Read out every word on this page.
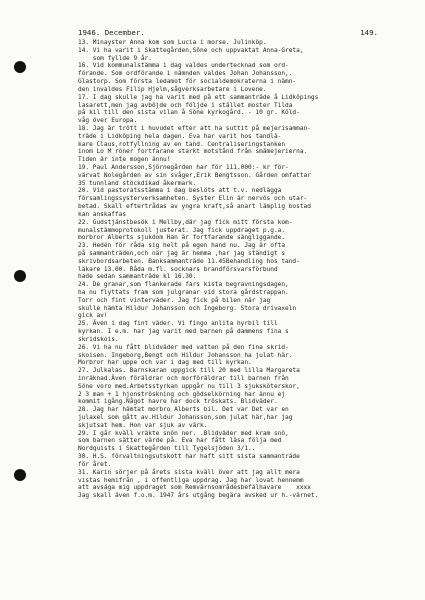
1946. December.	149.
13. Minayster Anna kom som Lucia i morse. Julinköp.
14. Vi ha varit i Skattegården,Söne och uppvaktat Anna-Greta,
som fyllde 9 år.
16. Vid kommunalstämma i dag valdes undertecknad som ord-
förande. Som ordförande i nämnden valdes Johan Johansson,.
Glastorp. Som första ledamot för socialdemokraterna i nämn-
den invaldes Filip Hjelm,sågverksarbetare i Lovene.
17. I dag skulle jag ha varit med på ett sammanträde å Lidköpings
lasarett,men jag avböjde och följde i stället moster Tilda
på kil till den sista vilan å Söne kyrkogård. - 10 gr. Köld-
våg över Europa.
18. Jag är trött i huvudet efter att ha suttit på mejerisamman-
träde i Lidköping hela dagen. Eva har varit hos tandlä-
kare Claus,rotfyllning av en tand. Centraliseringstanken
inom Lo M röner fortfarane starkt motstånd från smämejerierna.
Tiden är inte mogen ännu!
19. Paul Andersson,Sjörnegården har för 111.000:- kr för-
värvat Nolegården av sin svåger,Erik Bengtsson. Gården omfattar
35 tunnland stöckdikad åkermark.
20. Vid pastoratsstämma i dag beslöts att t.v. nedlägga
församlingssysterverksamheten. Syster Elin är nervös och utar-
betad. Skall eftertrådas av yngra kraft,så anart lämplig bostad
kan anskaffas
22. Gudstjänstbesök i Mellby,där jag fick mitt första kom-
munalstämmoprotokoll justerat. Jag fick uppdraget p.g.a.
morbror Alberts sjukdom Han är fortfarande sängliggande.
23. Hedén för råda sig helt på egen hand nu. Jag är ofta
på sammanträden,och när jag är hemma ,har jag ständigt s
skrivbordsarbeten. Banksammanträde 11.45Behandling hos tand-
läkare 13.00. Råda m.fl. socknars brandförsvarsförbund
hade sedan sammanträde kl 16.30.
24. De granar,som flankerade fars kista begravningsdagen,
ha nu flyttats fram som julgranar vid stora gårdstrappan.
Torr och fint vinterväder. Jag fick på bilen när jag
skulle hämta Hildur Johansson och Ingeborg. Stora drivaxeln
gick av!
25. Även i dag fint väder. Vi fingo anlita hyrbil till
kyrkan. I e.m. har jag varit med barnen på dammens fina s
skridskois.
26. Vi ha nu fått blidväder med vatten på den fina skrid-
skoisen. Ingeborg,Bengt och Hildur Johansson ha julat här.
Morbror har uppe och var i dag med till kyrkan.
27. Julkalas. Barnskaran uppgick till 20 med lilla Margareta
inräknad.Även föräldrar och morföräldrar till barnen från
Söne voro med.Arbetsstyrkan uppgår nu till 3 sjuksköterskor,
2 3 man + 1 hjonströskning och gödselkörning har ännu ej
kommit igång.Något havre har dock tröskats. Blidväder.
28. Jag har hämtat morbro Alberts bil. Det var Det var en
julaxel som gått av.Hildur Johansson,som julat här,har jag
skjutsat hem. Hon var sjuk av värk.
29. I går kväll vräkte snön ner. .Blidväder med kram snö,
som barnen sätter värde på. Eva har fått läsa följa med
Nordquists i Skattegården till Tygelsjöden 3/1..
30. H.S. förvaltningsutskott har haft sitt sista sammanträde
för året.
31. Karin sörjer på årets sista kväll över att jag allt mera
vistas hemifrån , i offentliga uppdrag. Jag har lovat hennemm
att avsäga mig uppdraget som Remvärnsområdesbefälhavare    xxxx
Jag skall även f.o.m. 1947 års utgång begära avsked ur h.-värnet.
